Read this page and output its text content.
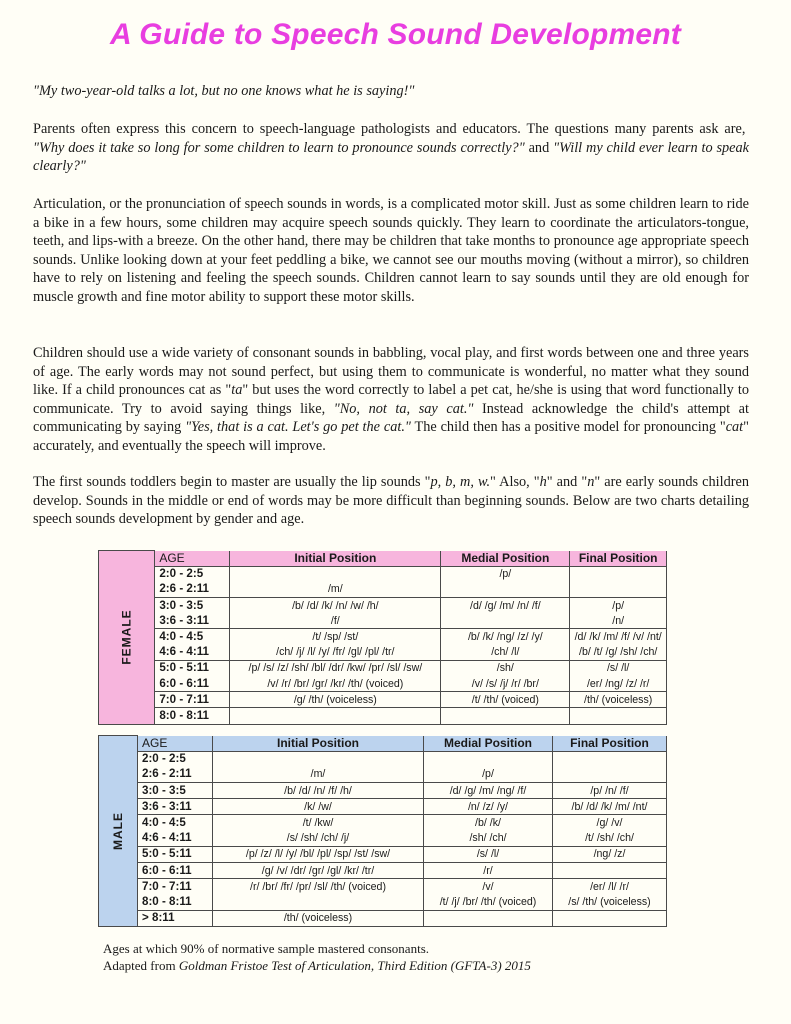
A Guide to Speech Sound Development

"My two-year-old talks a lot, but no one knows what he is saying!"

Parents often express this concern to speech-language pathologists and educators. The questions many parents ask are,  "Why does it take so long for some children to learn to pronounce sounds correctly?" and "Will my child ever learn to speak clearly?"

Articulation, or the pronunciation of speech sounds in words, is a complicated motor skill. Just as some children learn to ride a bike in a few hours, some children may acquire speech sounds quickly. They learn to coordinate the articulators-tongue, teeth, and lips-with a breeze. On the other hand, there may be children that take months to pronounce age appropriate speech sounds. Unlike looking down at your feet peddling a bike, we cannot see our mouths moving (without a mirror), so children have to rely on listening and feeling the speech sounds. Children cannot learn to say sounds until they are old enough for muscle growth and fine motor ability to support these motor skills.

Children should use a wide variety of consonant sounds in babbling, vocal play, and first words between one and three years of age. The early words may not sound perfect, but using them to communicate is wonderful, no matter what they sound like. If a child pronounces cat as "ta" but uses the word correctly to label a pet cat, he/she is using that word functionally to communicate. Try to avoid saying things like, "No, not ta, say cat." Instead acknowledge the child's attempt at communicating by saying "Yes, that is a cat. Let's go pet the cat." The child then has a positive model for pronouncing "cat" accurately, and eventually the speech will improve.

The first sounds toddlers begin to master are usually the lip sounds "p, b, m, w." Also, "h" and "n" are early sounds children develop. Sounds in the middle or end of words may be more difficult than beginning sounds. Below are two charts detailing speech sounds development by gender and age.

FEMALE	AGE	Initial Position	Medial Position	Final Position
	2:0 - 2:5		/p/	
	2:6 - 2:11	/m/		
	3:0 - 3:5	/b/ /d/ /k/ /n/ /w/ /h/	/d/ /g/ /m/ /n/ /f/	/p/
	3:6 - 3:11	/f/		/n/
	4:0 - 4:5	/t/ /sp/ /st/	/b/ /k/ /ng/ /z/ /y/	/d/ /k/ /m/ /f/ /v/ /nt/
	4:6 - 4:11	/ch/ /j/ /l/ /y/ /fr/ /gl/ /pl/ /tr/	/ch/ /l/	/b/ /t/ /g/ /sh/ /ch/
	5:0 - 5:11	/p/ /s/ /z/ /sh/ /bl/ /dr/ /kw/ /pr/ /sl/ /sw/	/sh/	/s/ /l/
	6:0 - 6:11	/v/ /r/ /br/ /gr/ /kr/ /th/ (voiced)	/v/ /s/ /j/ /r/ /br/	/er/ /ng/ /z/ /r/
	7:0 - 7:11	/g/ /th/ (voiceless)	/t/ /th/ (voiced)	/th/ (voiceless)
	8:0 - 8:11			
MALE	AGE	Initial Position	Medial Position	Final Position
	2:0 - 2:5			
	2:6 - 2:11	/m/	/p/	
	3:0 - 3:5	/b/ /d/ /n/ /f/ /h/	/d/ /g/ /m/ /ng/ /f/	/p/ /n/ /f/
	3:6 - 3:11	/k/ /w/	/n/ /z/ /y/	/b/ /d/ /k/ /m/ /nt/
	4:0 - 4:5	/t/ /kw/	/b/ /k/	/g/ /v/
	4:6 - 4:11	/s/ /sh/ /ch/ /j/	/sh/ /ch/	/t/ /sh/ /ch/
	5:0 - 5:11	/p/ /z/ /l/ /y/ /bl/ /pl/ /sp/ /st/ /sw/	/s/ /l/	/ng/ /z/
	6:0 - 6:11	/g/ /v/ /dr/ /gr/ /gl/ /kr/ /tr/	/r/	
	7:0 - 7:11	/r/ /br/ /fr/ /pr/ /sl/ /th/ (voiced)	/v/	/er/ /l/ /r/
	8:0 - 8:11		/t/ /j/ /br/ /th/ (voiced)	/s/ /th/ (voiceless)
	> 8:11	/th/ (voiceless)		
Ages at which 90% of normative sample mastered consonants.
Adapted from Goldman Fristoe Test of Articulation, Third Edition (GFTA-3) 2015
